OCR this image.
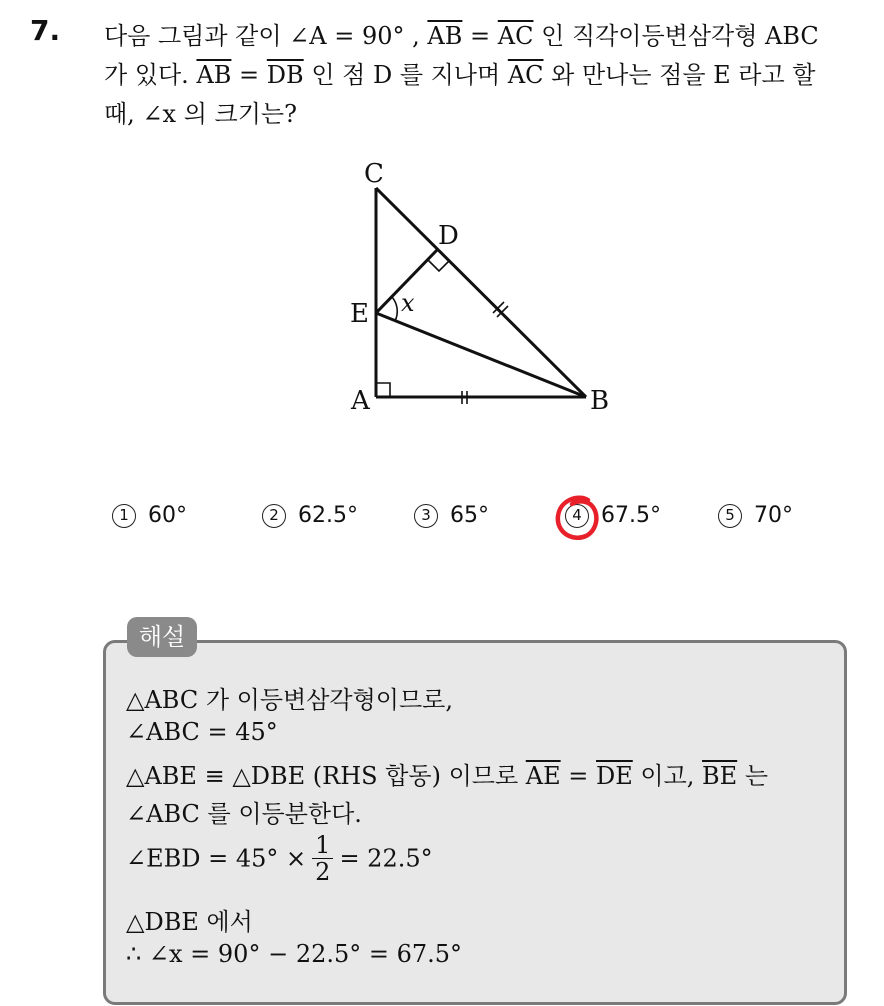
7. 다음 그림과 같이 ∠A = 90° , $\overline{AB} = \overline{AC}$ 인 직각이등변삼각형 ABC
가 있다. $\overline{AB} = \overline{DB}$ 인 점 D 를 지나며 $\overline{AC}$ 와 만나는 점을 E 라고 할
때, ∠x 의 크기는?
C
D
E
A	B
x
1 60°	2 62.5°	3 65°	4 67.5°	5 70°
해설
△ABC 가 이등변삼각형이므로,
∠ABC = 45°
△ABE ≡ △DBE (RHS 합동) 이므로 $\overline{AE} = \overline{DE}$ 이고, $\overline{BE}$ 는
∠ABC 를 이등분한다.
∠EBD = $45^\circ \times \frac{1}{2} = 22.5^\circ$
△DBE 에서
∴ ∠x = 90° − 22.5° = 67.5°
